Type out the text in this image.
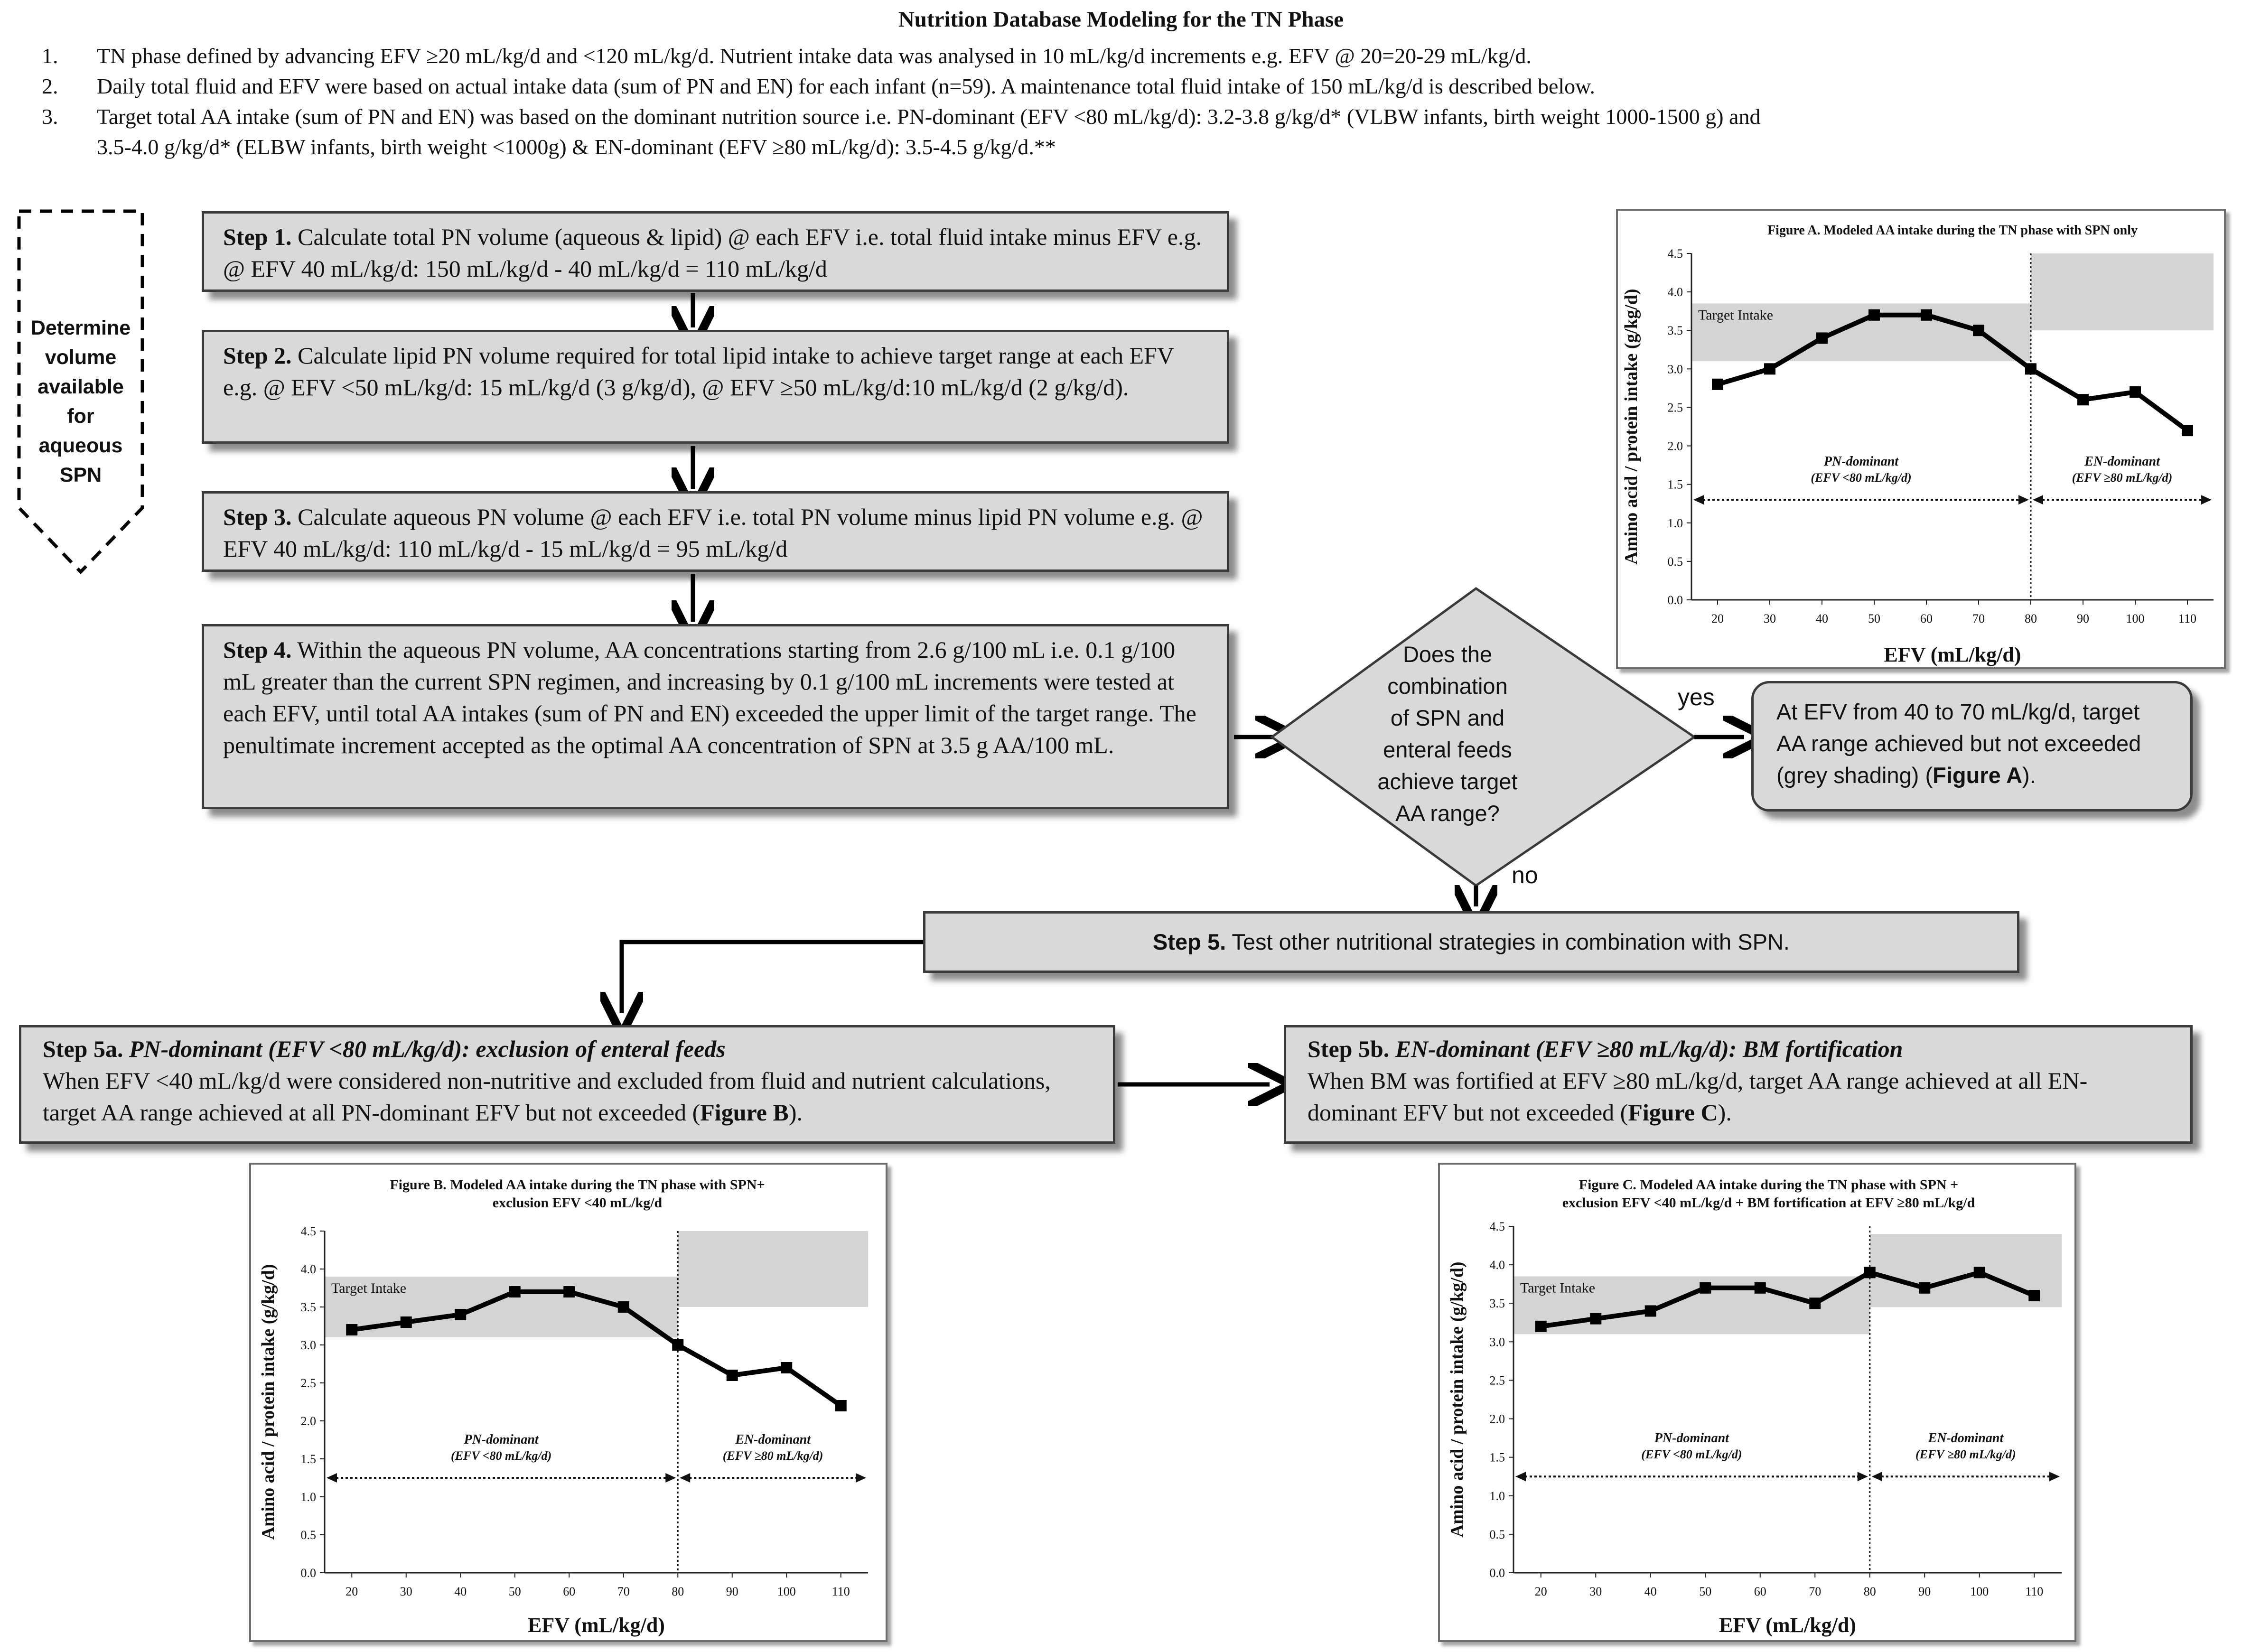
Nutrition Database Modeling for the TN Phase
1. TN phase defined by advancing EFV ≥20 mL/kg/d and <120 mL/kg/d. Nutrient intake data was analysed in 10 mL/kg/d increments e.g. EFV @ 20=20-29 mL/kg/d.
2. Daily total fluid and EFV were based on actual intake data (sum of PN and EN) for each infant (n=59). A maintenance total fluid intake of 150 mL/kg/d is described below.
3. Target total AA intake (sum of PN and EN) was based on the dominant nutrition source i.e. PN-dominant (EFV <80 mL/kg/d): 3.2-3.8 g/kg/d* (VLBW infants, birth weight 1000-1500 g) and
3.5-4.0 g/kg/d* (ELBW infants, birth weight <1000g) & EN-dominant (EFV ≥80 mL/kg/d): 3.5-4.5 g/kg/d.**
Determine volume available for aqueous SPN
Step 1. Calculate total PN volume (aqueous & lipid) @ each EFV i.e. total fluid intake minus EFV e.g. @ EFV 40 mL/kg/d: 150 mL/kg/d - 40 mL/kg/d = 110 mL/kg/d
Step 2. Calculate lipid PN volume required for total lipid intake to achieve target range at each EFV e.g. @ EFV <50 mL/kg/d: 15 mL/kg/d (3 g/kg/d), @ EFV ≥50 mL/kg/d:10 mL/kg/d (2 g/kg/d).
Step 3. Calculate aqueous PN volume @ each EFV i.e. total PN volume minus lipid PN volume e.g. @ EFV 40 mL/kg/d: 110 mL/kg/d - 15 mL/kg/d = 95 mL/kg/d
Step 4. Within the aqueous PN volume, AA concentrations starting from 2.6 g/100 mL i.e. 0.1 g/100 mL greater than the current SPN regimen, and increasing by 0.1 g/100 mL increments were tested at each EFV, until total AA intakes (sum of PN and EN) exceeded the upper limit of the target range. The penultimate increment accepted as the optimal AA concentration of SPN at 3.5 g AA/100 mL.
Does the combination of SPN and enteral feeds achieve target AA range?
yes
no
At EFV from 40 to 70 mL/kg/d, target AA range achieved but not exceeded (grey shading) (Figure A).
Step 5. Test other nutritional strategies in combination with SPN.
Step 5a. PN-dominant (EFV <80 mL/kg/d): exclusion of enteral feeds
When EFV <40 mL/kg/d were considered non-nutritive and excluded from fluid and nutrient calculations, target AA range achieved at all PN-dominant EFV but not exceeded (Figure B).
Step 5b. EN-dominant (EFV ≥80 mL/kg/d): BM fortification
When BM was fortified at EFV ≥80 mL/kg/d, target AA range achieved at all EN-dominant EFV but not exceeded (Figure C).
Figure A. Modeled AA intake during the TN phase with SPN only
Target Intake
0.0
0.5
1.0
1.5
2.0
2.5
3.0
3.5
4.0
4.5
20	30	40	50	60	70	80	90	100	110
EFV (mL/kg/d)
Amino acid / protein intake (g/kg/d)	PN-dominant
(EFV <80 mL/kg/d)
EN-dominant
(EFV ≥80 mL/kg/d)
Figure B. Modeled AA intake during the TN phase with SPN+
exclusion EFV <40 mL/kg/d
Target Intake
0.0
0.5
1.0
1.5
2.0
2.5
3.0
3.5
4.0
4.5
20	30	40	50	60	70	80	90	100	110
EFV (mL/kg/d)
Amino acid / protein intake (g/kg/d)	PN-dominant
(EFV <80 mL/kg/d)
EN-dominant
(EFV ≥80 mL/kg/d)
Figure C. Modeled AA intake during the TN phase with SPN +
exclusion EFV <40 mL/kg/d + BM fortification at EFV ≥80 mL/kg/d
Target Intake
0.0
0.5
1.0
1.5
2.0
2.5
3.0
3.5
4.0
4.5
20	30	40	50	60	70	80	90	100	110
EFV (mL/kg/d)
Amino acid / protein intake (g/kg/d)	PN-dominant
(EFV <80 mL/kg/d)
EN-dominant
(EFV ≥80 mL/kg/d)
